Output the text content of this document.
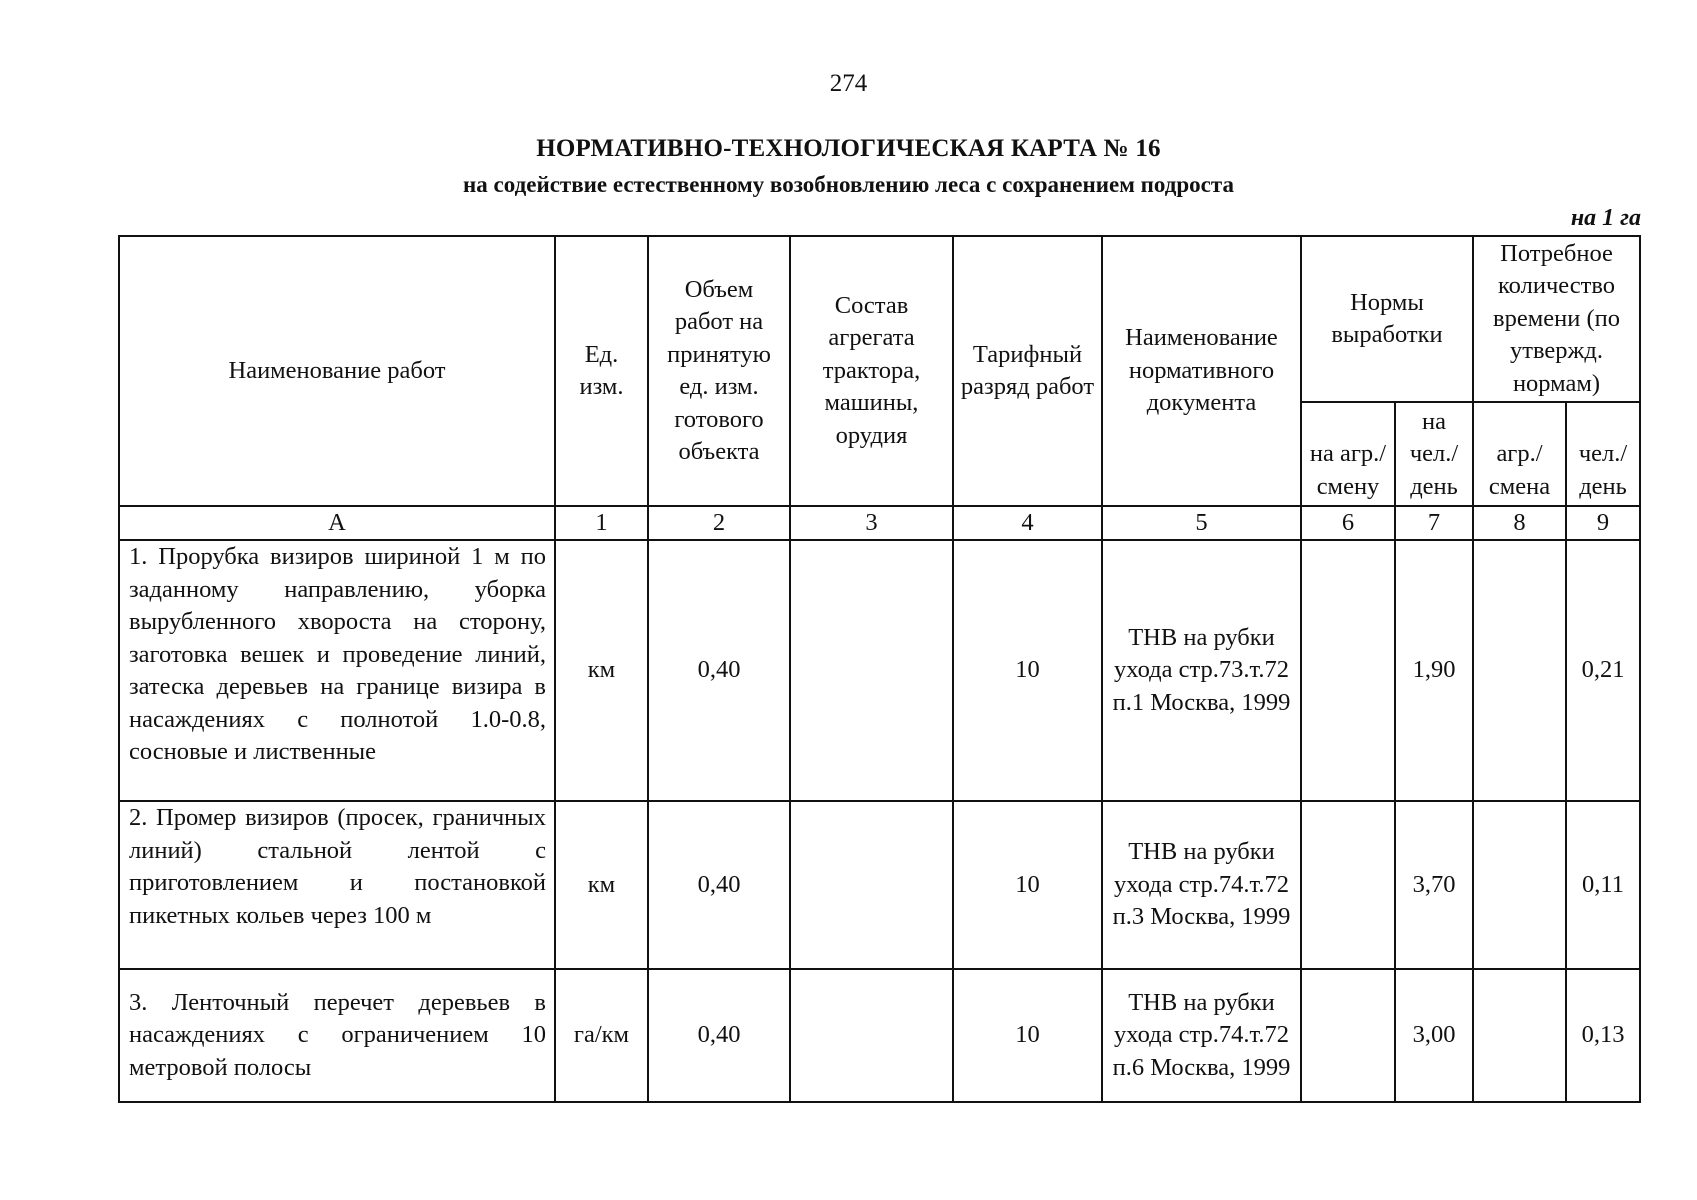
274
НОРМАТИВНО-ТЕХНОЛОГИЧЕСКАЯ КАРТА № 16
на содействие естественному возобновлению леса с сохранением подроста
на 1 га
Наименование работ	Ед. изм.	Объем работ на принятую ед. изм. готового объекта	Состав агрегата трактора, машины, орудия	Тарифный разряд работ	Наименование нормативного документа	Нормы выработки		Потребное количество времени (по утвержд. нормам)	
						на агр./ смену	на чел./ день	агр./ смена	чел./ день
А	1	2	3	4	5	6	7	8	9
1. Прорубка визиров шириной 1 м по заданному направлению, уборка вырубленного хвороста на сторону, заготовка вешек и проведение линий, затеска деревьев на границе визира в насаждениях с полнотой 1.0-0.8, сосновые и лиственные	км	0,40		10	ТНВ на рубки ухода стр.73.т.72 п.1 Москва, 1999		1,90		0,21
2. Промер визиров (просек, граничных линий) стальной лентой с приготовлением и постановкой пикетных кольев через 100 м	км	0,40		10	ТНВ на рубки ухода стр.74.т.72 п.3 Москва, 1999		3,70		0,11
3. Ленточный перечет деревьев в насаждениях с ограничением 10 метровой полосы	га/км	0,40		10	ТНВ на рубки ухода стр.74.т.72 п.6 Москва, 1999		3,00		0,13
